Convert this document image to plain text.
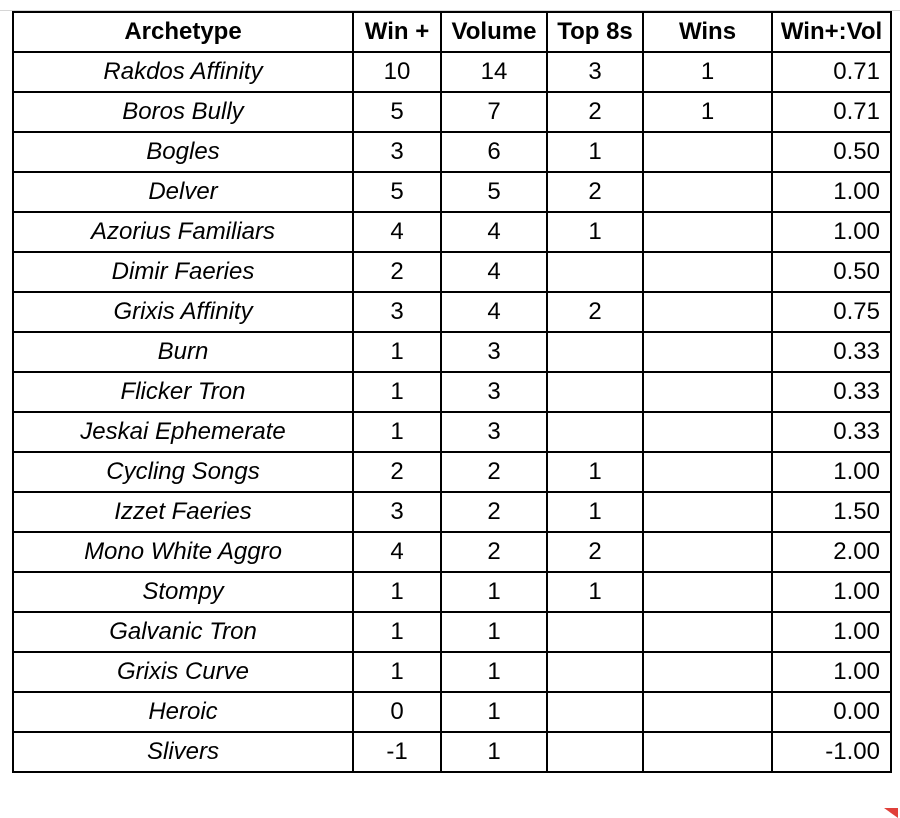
Archetype	Win +	Volume	Top 8s	Wins	Win+:Vol
Rakdos Affinity	10	14	3	1	0.71
Boros Bully	5	7	2	1	0.71
Bogles	3	6	1		0.50
Delver	5	5	2		1.00
Azorius Familiars	4	4	1		1.00
Dimir Faeries	2	4			0.50
Grixis Affinity	3	4	2		0.75
Burn	1	3			0.33
Flicker Tron	1	3			0.33
Jeskai Ephemerate	1	3			0.33
Cycling Songs	2	2	1		1.00
Izzet Faeries	3	2	1		1.50
Mono White Aggro	4	2	2		2.00
Stompy	1	1	1		1.00
Galvanic Tron	1	1			1.00
Grixis Curve	1	1			1.00
Heroic	0	1			0.00
Slivers	-1	1			-1.00
